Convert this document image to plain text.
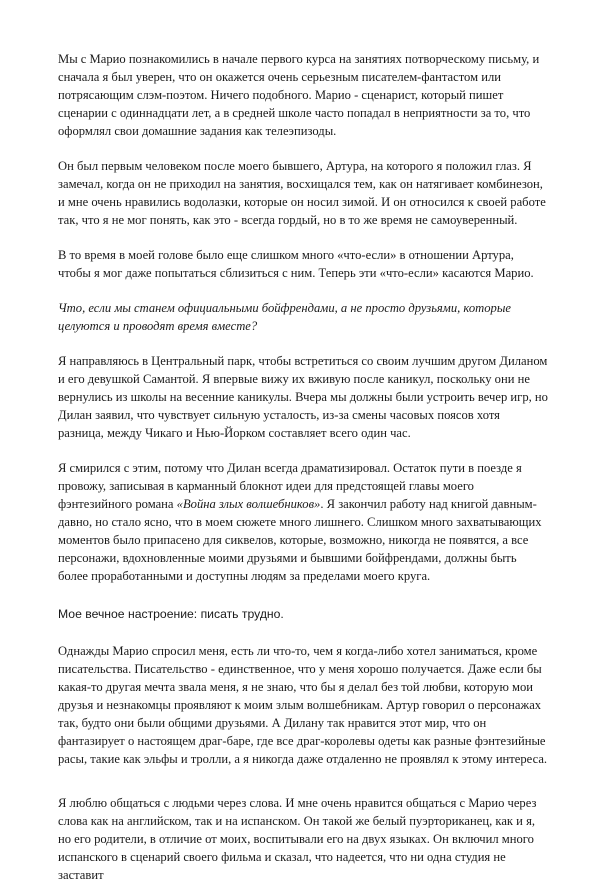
Мы с Марио познакомились в начале первого курса на занятиях потворческому письму, и сначала я был уверен, что он окажется очень серьезным писателем-фантастом или потрясающим слэм-поэтом. Ничего подобного. Марио - сценарист, который пишет сценарии с одиннадцати лет, а в средней школе часто попадал в неприятности за то, что оформлял свои домашние задания как телеэпизоды.

Он был первым человеком после моего бывшего, Артура, на которого я положил глаз. Я замечал, когда он не приходил на занятия, восхищался тем, как он натягивает комбинезон, и мне очень нравились водолазки, которые он носил зимой. И он относился к своей работе так, что я не мог понять, как это - всегда гордый, но в то же время не самоуверенный.

В то время в моей голове было еще слишком много «что-если» в отношении Артура, чтобы я мог даже попытаться сблизиться с ним. Теперь эти «что-если» касаются Марио.

Что, если мы станем официальными бойфрендами, а не просто друзьями, которые целуются и проводят время вместе?

Я направляюсь в Центральный парк, чтобы встретиться со своим лучшим другом Диланом и его девушкой Самантой. Я впервые вижу их вживую после каникул, поскольку они не вернулись из школы на весенние каникулы. Вчера мы должны были устроить вечер игр, но Дилан заявил, что чувствует сильную усталость, из-за смены часовых поясов хотя разница, между Чикаго и Нью-Йорком составляет всего один час.

Я смирился с этим, потому что Дилан всегда драматизировал. Остаток пути в поезде я провожу, записывая в карманный блокнот идеи для предстоящей главы моего фэнтезийного романа «Война злых волшебников». Я закончил работу над книгой давным-давно, но стало ясно, что в моем сюжете много лишнего. Слишком много захватывающих моментов было припасено для сиквелов, которые, возможно, никогда не появятся, а все персонажи, вдохновленные моими друзьями и бывшими бойфрендами, должны быть более проработанными и доступны людям за пределами моего круга.

Мое вечное настроение: писать трудно.

Однажды Марио спросил меня, есть ли что-то, чем я когда-либо хотел заниматься, кроме писательства. Писательство - единственное, что у меня хорошо получается. Даже если бы какая-то другая мечта звала меня, я не знаю, что бы я делал без той любви, которую мои друзья и незнакомцы проявляют к моим злым волшебникам. Артур говорил о персонажах так, будто они были общими друзьями. А Дилану так нравится этот мир, что он фантазирует о настоящем драг-баре, где все драг-королевы одеты как разные фэнтезийные расы, такие как эльфы и тролли, а я никогда даже отдаленно не проявлял к этому интереса.

Я люблю общаться с людьми через слова. И мне очень нравится общаться с Марио через слова как на английском, так и на испанском. Он такой же белый пуэрториканец, как и я, но его родители, в отличие от моих, воспитывали его на двух языках. Он включил много испанского в сценарий своего фильма и сказал, что надеется, что ни одна студия не заставит
